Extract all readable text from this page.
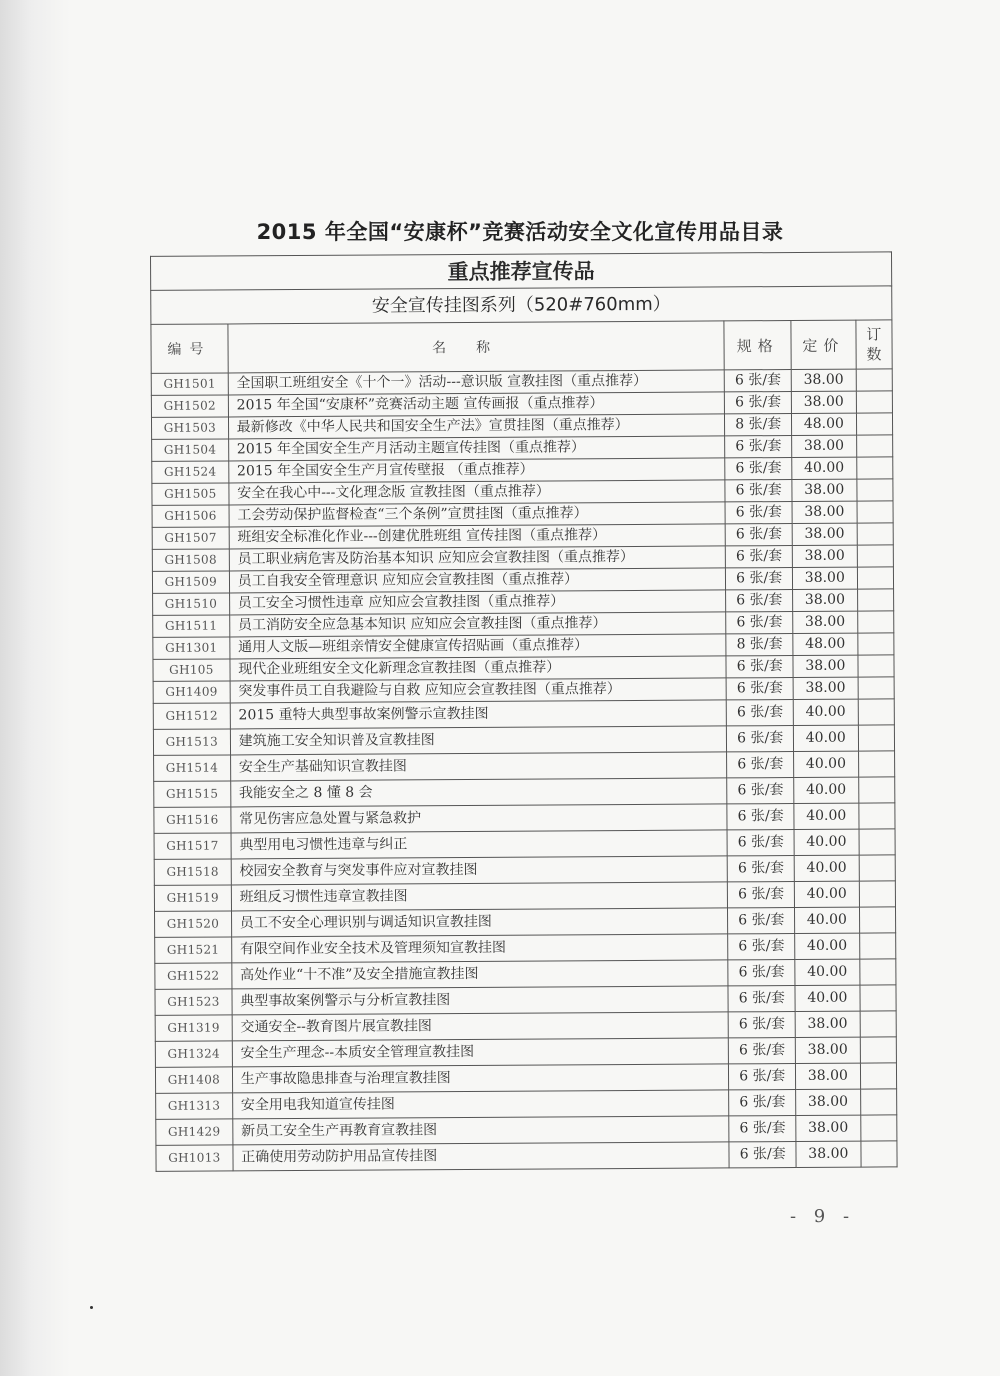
2015 年全国“安康杯”竞赛活动安全文化宣传用品目录
重点推荐宣传品
安全宣传挂图系列（520#760mm）
编号	名称	规格	定价	订数
GH1501	全国职工班组安全《十个一》活动---意识版 宣教挂图（重点推荐）	6 张/套	38.00	
GH1502	2015 年全国“安康杯”竞赛活动主题 宣传画报（重点推荐）	6 张/套	38.00	
GH1503	最新修改《中华人民共和国安全生产法》宣贯挂图（重点推荐）	8 张/套	48.00	
GH1504	2015 年全国安全生产月活动主题宣传挂图（重点推荐）	6 张/套	38.00	
GH1524	2015 年全国安全生产月宣传壁报 （重点推荐）	6 张/套	40.00	
GH1505	安全在我心中---文化理念版 宣教挂图（重点推荐）	6 张/套	38.00	
GH1506	工会劳动保护监督检查“三个条例”宣贯挂图（重点推荐）	6 张/套	38.00	
GH1507	班组安全标准化作业---创建优胜班组 宣传挂图（重点推荐）	6 张/套	38.00	
GH1508	员工职业病危害及防治基本知识 应知应会宣教挂图（重点推荐）	6 张/套	38.00	
GH1509	员工自我安全管理意识 应知应会宣教挂图（重点推荐）	6 张/套	38.00	
GH1510	员工安全习惯性违章 应知应会宣教挂图（重点推荐）	6 张/套	38.00	
GH1511	员工消防安全应急基本知识 应知应会宣教挂图（重点推荐）	6 张/套	38.00	
GH1301	通用人文版—班组亲情安全健康宣传招贴画（重点推荐）	8 张/套	48.00	
GH105	现代企业班组安全文化新理念宣教挂图（重点推荐）	6 张/套	38.00	
GH1409	突发事件员工自我避险与自救 应知应会宣教挂图（重点推荐）	6 张/套	38.00	
GH1512	2015 重特大典型事故案例警示宣教挂图	6 张/套	40.00	
GH1513	建筑施工安全知识普及宣教挂图	6 张/套	40.00	
GH1514	安全生产基础知识宣教挂图	6 张/套	40.00	
GH1515	我能安全之 8 懂 8 会	6 张/套	40.00	
GH1516	常见伤害应急处置与紧急救护	6 张/套	40.00	
GH1517	典型用电习惯性违章与纠正	6 张/套	40.00	
GH1518	校园安全教育与突发事件应对宣教挂图	6 张/套	40.00	
GH1519	班组反习惯性违章宣教挂图	6 张/套	40.00	
GH1520	员工不安全心理识别与调适知识宣教挂图	6 张/套	40.00	
GH1521	有限空间作业安全技术及管理须知宣教挂图	6 张/套	40.00	
GH1522	高处作业“十不准”及安全措施宣教挂图	6 张/套	40.00	
GH1523	典型事故案例警示与分析宣教挂图	6 张/套	40.00	
GH1319	交通安全--教育图片展宣教挂图	6 张/套	38.00	
GH1324	安全生产理念--本质安全管理宣教挂图	6 张/套	38.00	
GH1408	生产事故隐患排查与治理宣教挂图	6 张/套	38.00	
GH1313	安全用电我知道宣传挂图	6 张/套	38.00	
GH1429	新员工安全生产再教育宣教挂图	6 张/套	38.00	
GH1013	正确使用劳动防护用品宣传挂图	6 张/套	38.00	
- 9 -
